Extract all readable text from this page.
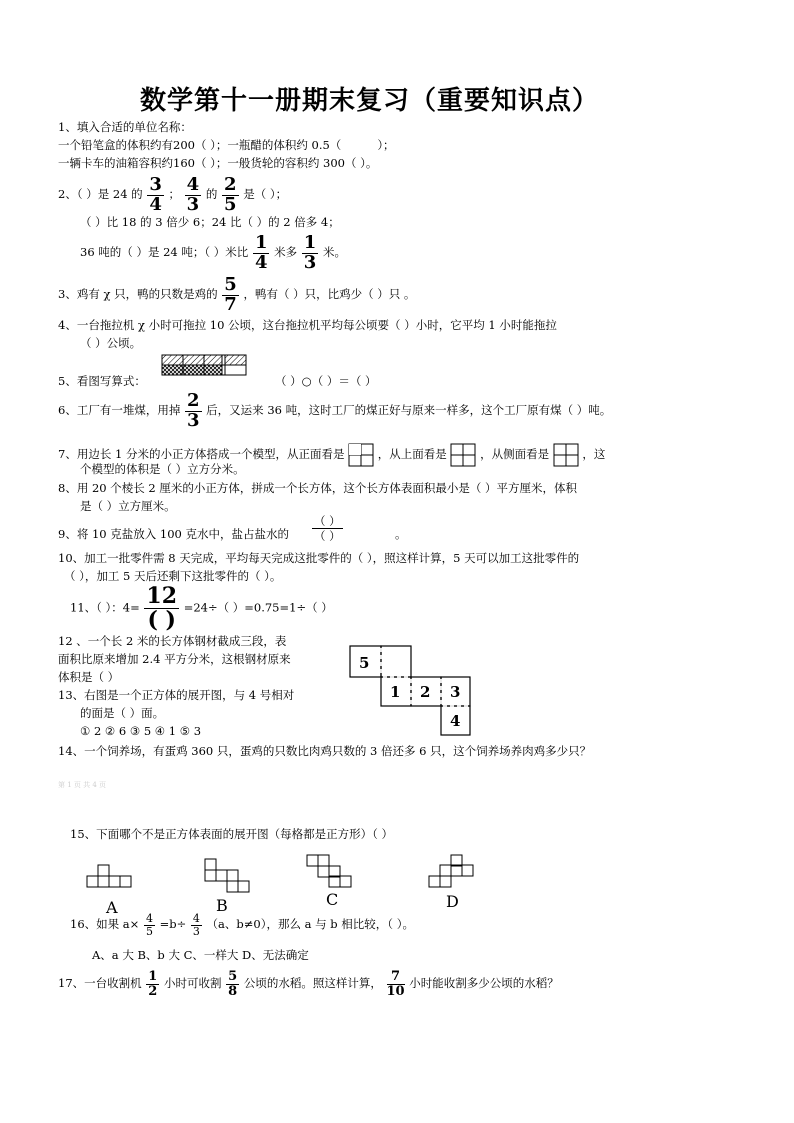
数学第十一册期末复习（重要知识点）
1、填入合适的单位名称：
一个铅笔盒的体积约有200（ ）；一瓶醋的体积约 0.5（	）；
一辆卡车的油箱容积约160（ ）；一般货轮的容积约 300（ ）。
2、（ ）是 24 的 $\frac{3}{4}$ ； $\frac{4}{3}$ 的 $\frac{2}{5}$ 是（ ）；
（ ）比 18 的 3 倍少 6；24 比（ ）的 2 倍多 4；
36 吨的（ ）是 24 吨；（ ）米比 $\frac{1}{4}$ 米多 $\frac{1}{3}$ 米。
3、鸡有 χ 只，鸭的只数是鸡的 $\frac{5}{7}$ ，鸭有（ ）只，比鸡少（ ）只 。
4、一台拖拉机 χ 小时可拖拉 10 公顷，这台拖拉机平均每公顷要（ ）小时，它平均 1 小时能拖拉
（ ）公顷。
5、看图写算式：	（ ）○（ ）＝（ ）
6、工厂有一堆煤，用掉 $\frac{2}{3}$ 后，又运来 36 吨，这时工厂的煤正好与原来一样多，这个工厂原有煤（ ）吨。
7、用边长 1 分米的小正方体搭成一个模型，从正面看是	，从上面看是	，从侧面看是	，这
个模型的体积是（ ）立方分米。
8、用 20 个棱长 2 厘米的小正方体，拼成一个长方体，这个长方体表面积最小是（ ）平方厘米，体积
是（ ）立方厘米。
9、将 10 克盐放入 100 克水中，盐占盐水的
（ ）
（ ）	。
10、加工一批零件需 8 天完成，平均每天完成这批零件的（ ），照这样计算，5 天可以加工这批零件的
（ ），加工 5 天后还剩下这批零件的（ ）。
11、（ ）：$4= \frac{12}{( )} =24\div$（ ）=0.75=1÷（ ）
12 、一个长 2 米的长方体钢材截成三段，表
面积比原来增加 2.4 平方分米，这根钢材原来
体积是（ ）
13、右图是一个正方体的展开图，与 4 号相对
的面是（ ）面。
① 2 ② 6 ③ 5 ④ 1 ⑤ 3
5
1 2 3
4
14、一个饲养场，有蛋鸡 360 只，蛋鸡的只数比肉鸡只数的 3 倍还多 6 只，这个饲养场养肉鸡多少只？
第 1 页 共 4 页
15、下面哪个不是正方体表面的展开图（每格都是正方形）（ ）
A	B	C	D
16、如果 $a\times \frac{4}{5} =b\div \frac{4}{3} (a$、b≠0），那么 a 与 b 相比较，（ ）。
A、a 大 B、b 大 C、一样大 D、无法确定
17、一台收割机 $\frac{1}{2}$ 小时可收割 $\frac{5}{8}$ 公顷的水稻。照这样计算， $\frac{7}{10}$ 小时能收割多少公顷的水稻？
